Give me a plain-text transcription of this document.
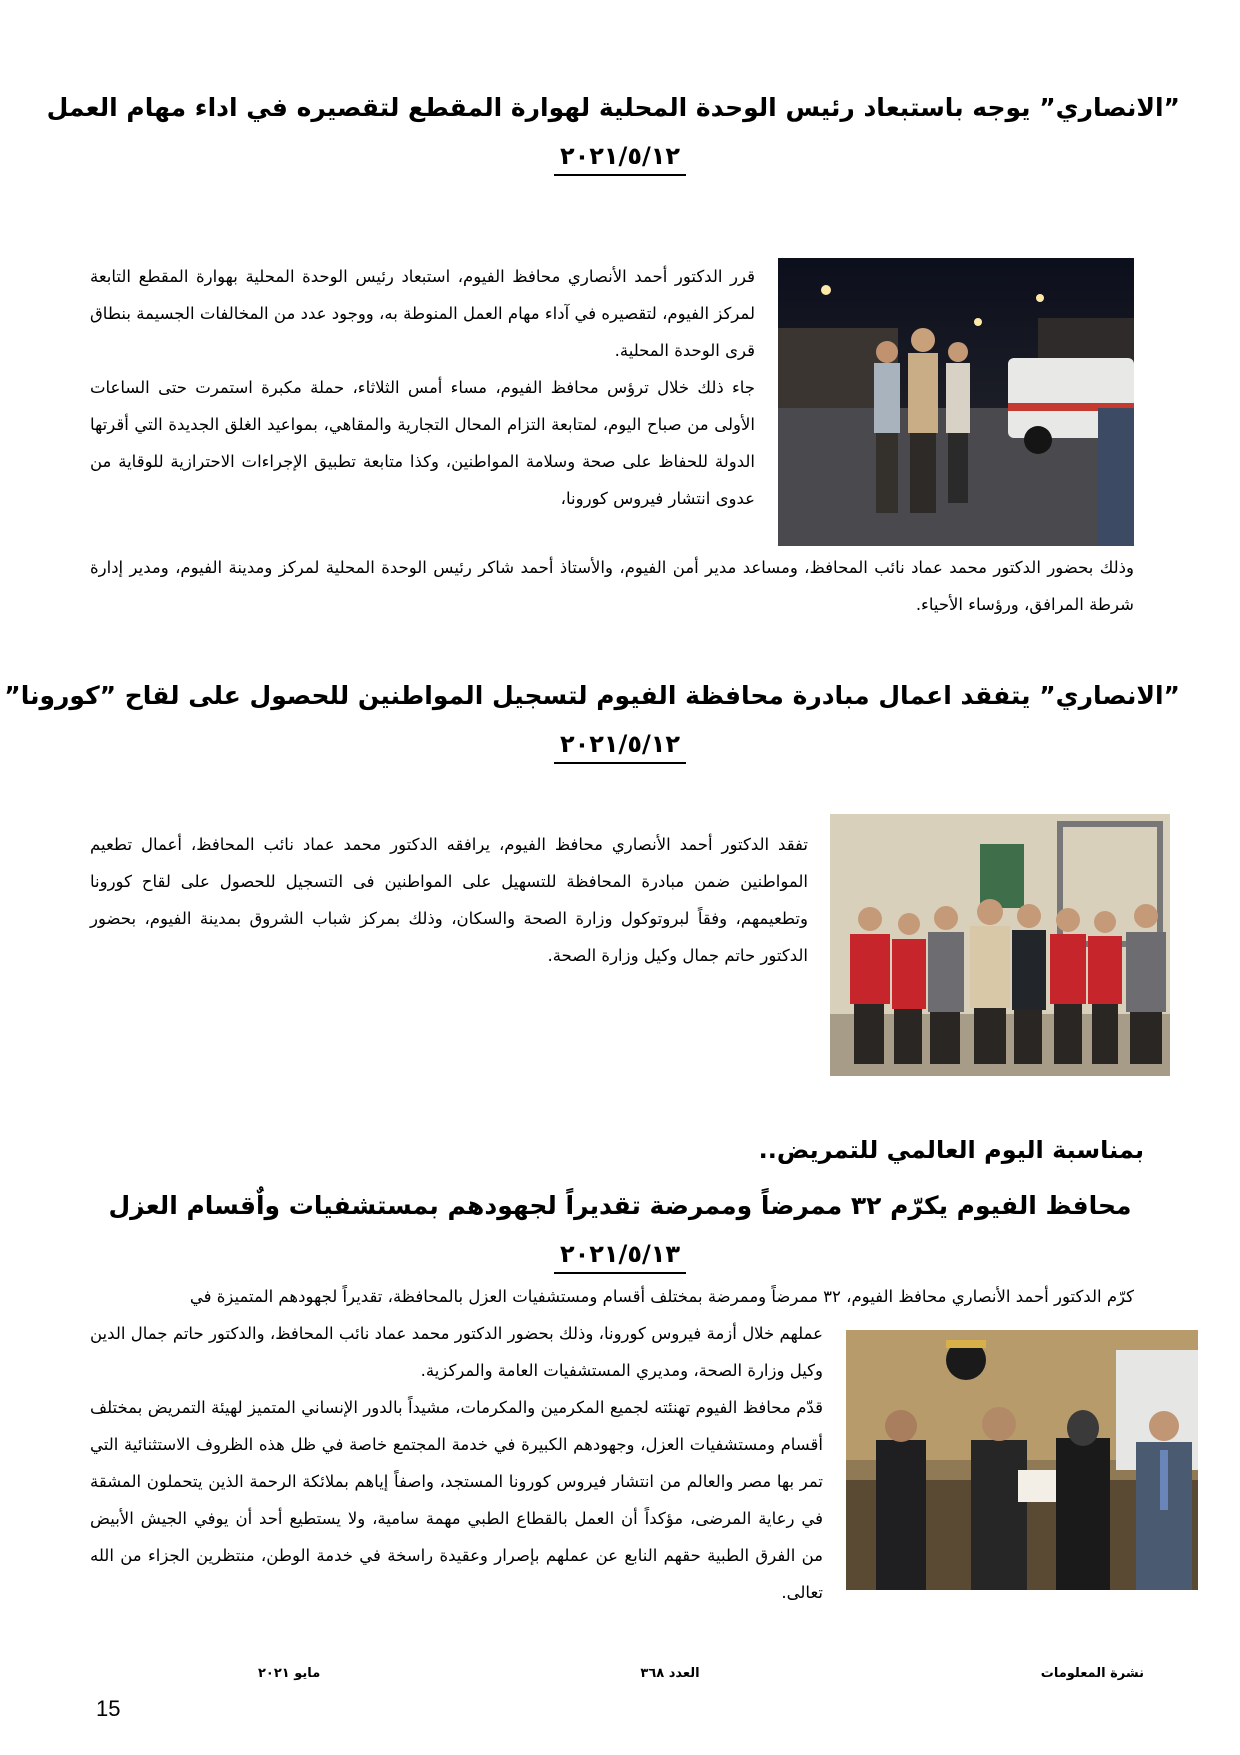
”الانصاري” يوجه باستبعاد رئيس الوحدة المحلية لهوارة المقطع لتقصيره في اداء مهام العمل
٢٠٢١/٥/١٢

قرر الدكتور أحمد الأنصاري محافظ الفيوم، استبعاد رئيس الوحدة المحلية بهوارة المقطع التابعة لمركز الفيوم، لتقصيره في آداء مهام العمل المنوطة به، ووجود عدد من المخالفات الجسيمة بنطاق قرى الوحدة المحلية.

جاء ذلك خلال ترؤس محافظ الفيوم، مساء أمس الثلاثاء، حملة مكبرة استمرت حتى الساعات الأولى من صباح اليوم، لمتابعة التزام المحال التجارية والمقاهي، بمواعيد الغلق الجديدة التي أقرتها الدولة للحفاظ على صحة وسلامة المواطنين، وكذا متابعة تطبيق الإجراءات الاحترازية للوقاية من عدوى انتشار فيروس كورونا،

وذلك بحضور الدكتور محمد عماد نائب المحافظ، ومساعد مدير أمن الفيوم، والأستاذ أحمد شاكر رئيس الوحدة المحلية لمركز ومدينة الفيوم، ومدير إدارة شرطة المرافق، ورؤساء الأحياء.
”الانصاري” يتفقد اعمال مبادرة محافظة الفيوم لتسجيل المواطنين للحصول على لقاح ”كورونا”
٢٠٢١/٥/١٢
تفقد الدكتور أحمد الأنصاري محافظ الفيوم، يرافقه الدكتور محمد عماد نائب المحافظ، أعمال تطعيم المواطنين ضمن مبادرة المحافظة للتسهيل على المواطنين فى التسجيل للحصول على لقاح كورونا وتطعيمهم، وفقاً لبروتوكول وزارة الصحة والسكان، وذلك بمركز شباب الشروق بمدينة الفيوم، بحضور الدكتور حاتم جمال وكيل وزارة الصحة.
بمناسبة اليوم العالمي للتمريض..
محافظ الفيوم يكرّم ٣٢ ممرضاً وممرضة تقديراً لجهودهم بمستشفيات واٌقسام العزل
٢٠٢١/٥/١٣
كرّم الدكتور أحمد الأنصاري محافظ الفيوم، ٣٢ ممرضاً وممرضة بمختلف أقسام ومستشفيات العزل بالمحافظة، تقديراً لجهودهم المتميزة في

عملهم خلال أزمة فيروس كورونا، وذلك بحضور الدكتور محمد عماد نائب المحافظ، والدكتور حاتم جمال الدين وكيل وزارة الصحة، ومديري المستشفيات العامة والمركزية.

قدّم محافظ الفيوم تهنئته لجميع المكرمين والمكرمات، مشيداً بالدور الإنساني المتميز لهيئة التمريض بمختلف أقسام ومستشفيات العزل، وجهودهم الكبيرة في خدمة المجتمع خاصة في ظل هذه الظروف الاستثنائية التي تمر بها مصر والعالم من انتشار فيروس كورونا المستجد، واصفاً إياهم بملائكة الرحمة الذين يتحملون المشقة في رعاية المرضى، مؤكداً أن العمل بالقطاع الطبي مهمة سامية، ولا يستطيع أحد أن يوفي الجيش الأبيض من الفرق الطبية حقهم النابع عن عملهم بإصرار وعقيدة راسخة في خدمة الوطن، منتظرين الجزاء من الله تعالى.

نشرة المعلومات
العدد ٣٦٨
مايو ٢٠٢١
15
